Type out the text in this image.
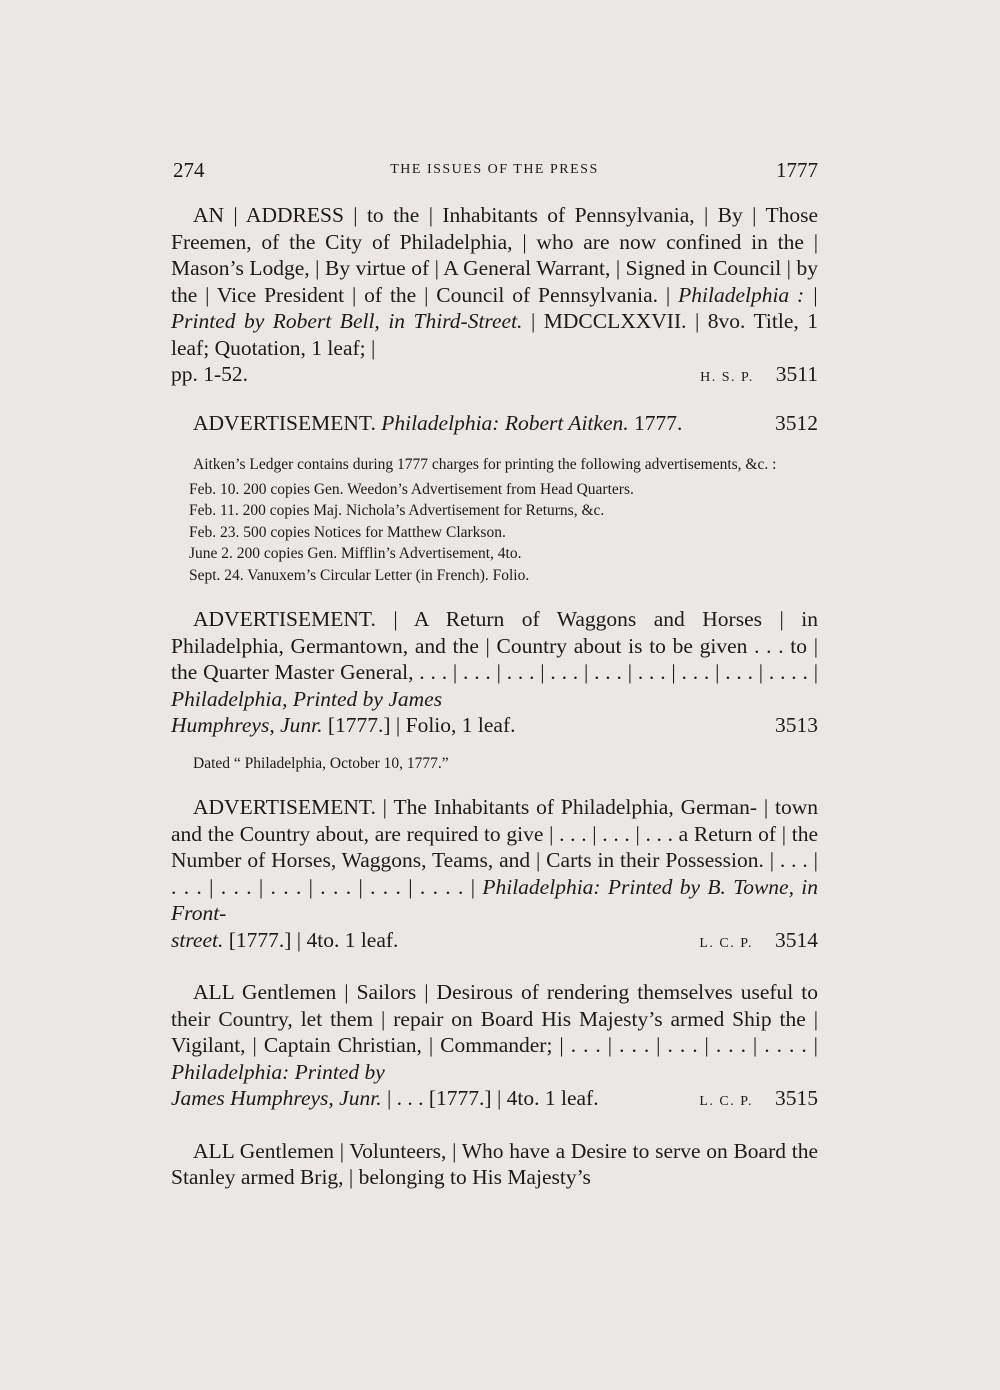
274	THE ISSUES OF THE PRESS	1777
AN | ADDRESS | to the | Inhabitants of Pennsylvania, | By | Those Freemen, of the City of Philadelphia, | who are now confined in the | Mason’s Lodge, | By virtue of | A General Warrant, | Signed in Council | by the | Vice President | of the | Council of Pennsylvania. | Philadelphia : | Printed by Robert Bell, in Third-Street. | MDCCLXXVII. | 8vo. Title, 1 leaf; Quotation, 1 leaf; |
pp. 1-52.	H. S. P. 3511
ADVERTISEMENT. Philadelphia: Robert Aitken. 1777.	3512

Aitken’s Ledger contains during 1777 charges for printing the following advertisements, &c. :

Feb. 10. 200 copies Gen. Weedon’s Advertisement from Head Quarters.
Feb. 11. 200 copies Maj. Nichola’s Advertisement for Returns, &c.
Feb. 23. 500 copies Notices for Matthew Clarkson.
June 2. 200 copies Gen. Mifflin’s Advertisement, 4to.
Sept. 24. Vanuxem’s Circular Letter (in French). Folio.
ADVERTISEMENT. | A Return of Waggons and Horses | in Philadelphia, Germantown, and the | Country about is to be given . . . to | the Quarter Master General, . . . | . . . | . . . | . . . | . . . | . . . | . . . | . . . | . . . . | Philadelphia, Printed by James
Humphreys, Junr. [1777.] | Folio, 1 leaf.	3513
Dated “ Philadelphia, October 10, 1777.”
ADVERTISEMENT. | The Inhabitants of Philadelphia, German- | town and the Country about, are required to give | . . . | . . . | . . . a Return of | the Number of Horses, Waggons, Teams, and | Carts in their Possession. | . . . | . . . | . . . | . . . | . . . | . . . | . . . . | Philadelphia: Printed by B. Towne, in Front-
street. [1777.] | 4to. 1 leaf.	L. C. P. 3514
ALL Gentlemen | Sailors | Desirous of rendering themselves useful to their Country, let them | repair on Board His Majesty’s armed Ship the | Vigilant, | Captain Christian, | Commander; | . . . | . . . | . . . | . . . | . . . . | Philadelphia: Printed by
James Humphreys, Junr. | . . . [1777.] | 4to. 1 leaf.	L. C. P. 3515
ALL Gentlemen | Volunteers, | Who have a Desire to serve on Board the Stanley armed Brig, | belonging to His Majesty’s
